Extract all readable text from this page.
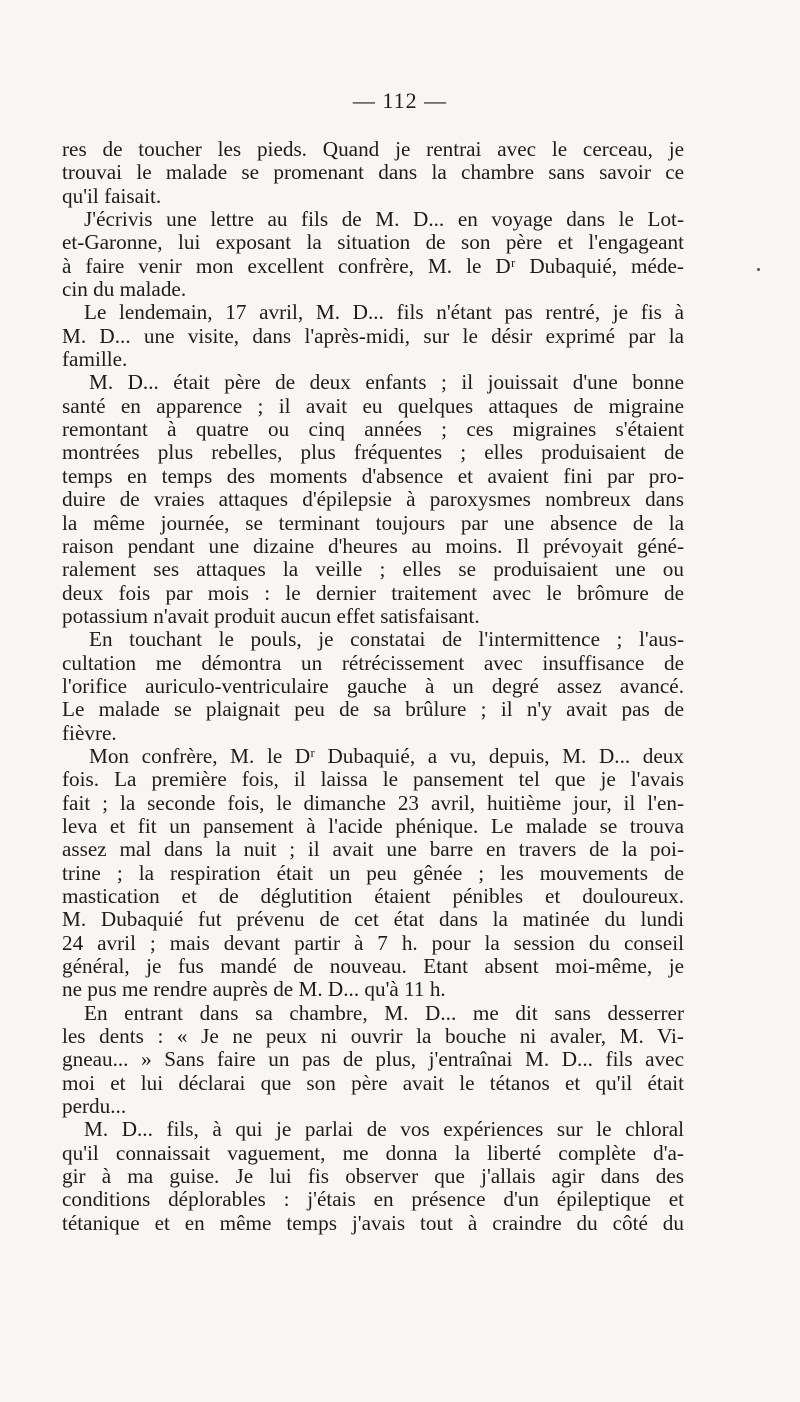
— 112 —
res de toucher les pieds. Quand je rentrai avec le cerceau, je
trouvai le malade se promenant dans la chambre sans savoir ce
qu'il faisait.
J'écrivis une lettre au fils de M. D... en voyage dans le Lot-
et-Garonne, lui exposant la situation de son père et l'engageant
à faire venir mon excellent confrère, M. le Dʳ Dubaquié, méde-
cin du malade.
Le lendemain, 17 avril, M. D... fils n'étant pas rentré, je fis à
M. D... une visite, dans l'après-midi, sur le désir exprimé par la
famille.
M. D... était père de deux enfants ; il jouissait d'une bonne
santé en apparence ; il avait eu quelques attaques de migraine
remontant à quatre ou cinq années ; ces migraines s'étaient
montrées plus rebelles, plus fréquentes ; elles produisaient de
temps en temps des moments d'absence et avaient fini par pro-
duire de vraies attaques d'épilepsie à paroxysmes nombreux dans
la même journée, se terminant toujours par une absence de la
raison pendant une dizaine d'heures au moins. Il prévoyait géné-
ralement ses attaques la veille ; elles se produisaient une ou
deux fois par mois : le dernier traitement avec le brômure de
potassium n'avait produit aucun effet satisfaisant.
En touchant le pouls, je constatai de l'intermittence ; l'aus-
cultation me démontra un rétrécissement avec insuffisance de
l'orifice auriculo-ventriculaire gauche à un degré assez avancé.
Le malade se plaignait peu de sa brûlure ; il n'y avait pas de
fièvre.
Mon confrère, M. le Dʳ Dubaquié, a vu, depuis, M. D... deux
fois. La première fois, il laissa le pansement tel que je l'avais
fait ; la seconde fois, le dimanche 23 avril, huitième jour, il l'en-
leva et fit un pansement à l'acide phénique. Le malade se trouva
assez mal dans la nuit ; il avait une barre en travers de la poi-
trine ; la respiration était un peu gênée ; les mouvements de
mastication et de déglutition étaient pénibles et douloureux.
M. Dubaquié fut prévenu de cet état dans la matinée du lundi
24 avril ; mais devant partir à 7 h. pour la session du conseil
général, je fus mandé de nouveau. Etant absent moi-même, je
ne pus me rendre auprès de M. D... qu'à 11 h.
En entrant dans sa chambre, M. D... me dit sans desserrer
les dents : « Je ne peux ni ouvrir la bouche ni avaler, M. Vi-
gneau... » Sans faire un pas de plus, j'entraînai M. D... fils avec
moi et lui déclarai que son père avait le tétanos et qu'il était
perdu...
M. D... fils, à qui je parlai de vos expériences sur le chloral
qu'il connaissait vaguement, me donna la liberté complète d'a-
gir à ma guise. Je lui fis observer que j'allais agir dans des
conditions déplorables : j'étais en présence d'un épileptique et
tétanique et en même temps j'avais tout à craindre du côté du
